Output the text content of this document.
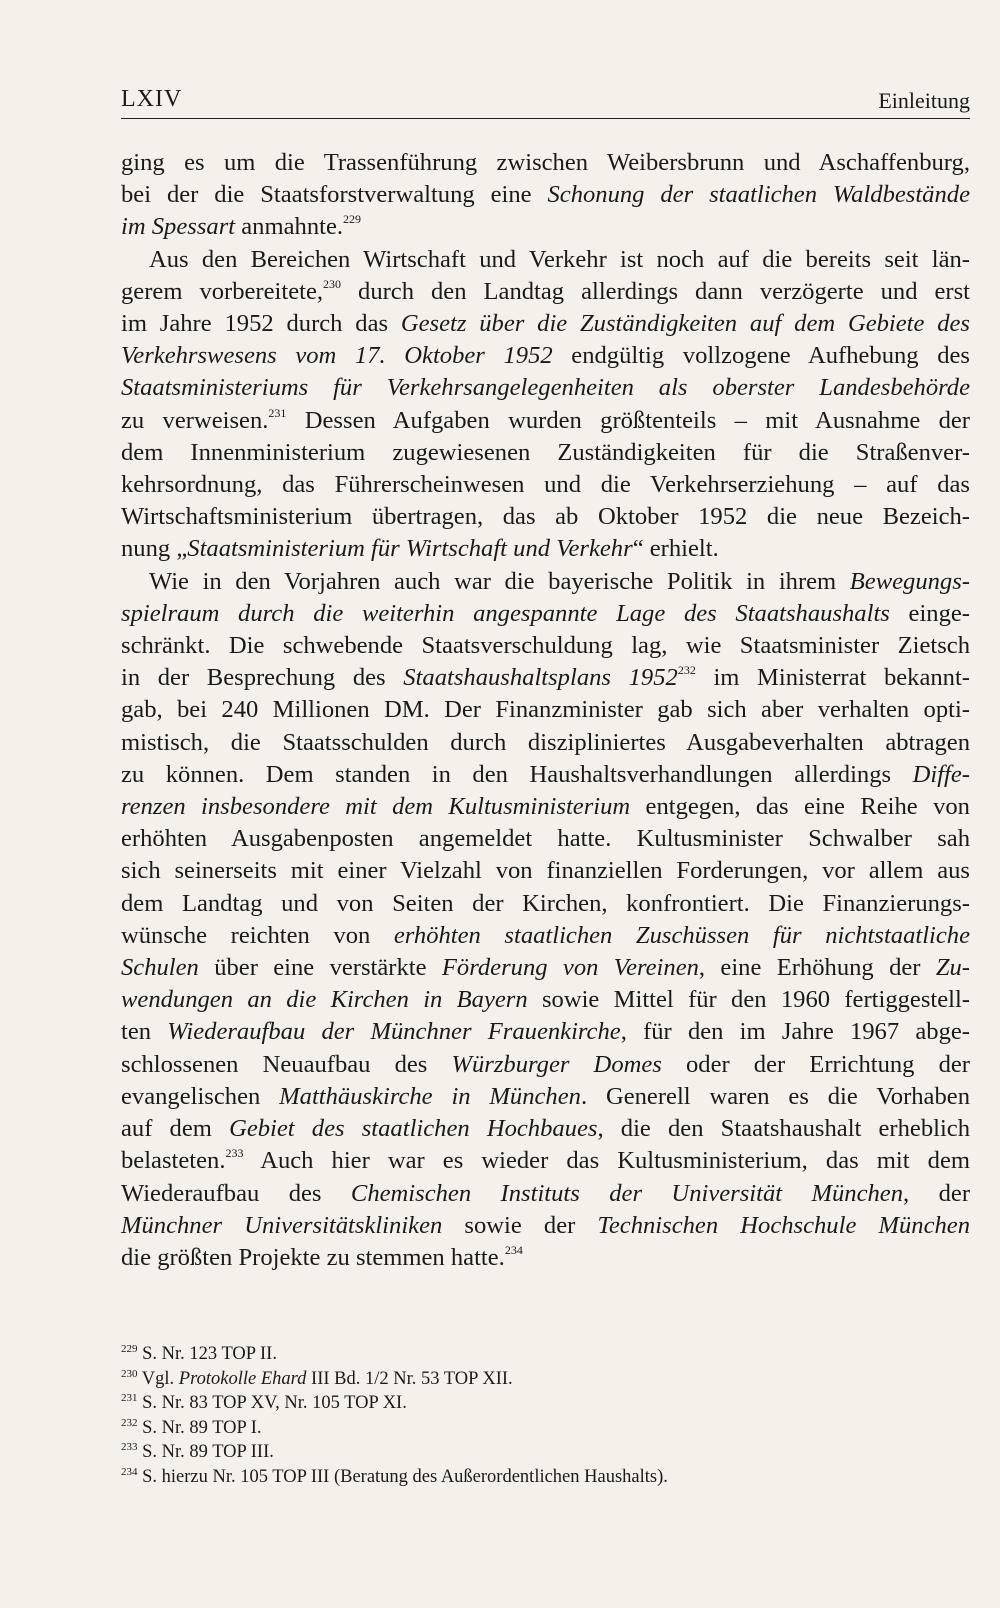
LXIV	Einleitung
ging es um die Trassenführung zwischen Weibersbrunn und Aschaffenburg,
bei der die Staatsforstverwaltung eine Schonung der staatlichen Waldbestände
im Spessart anmahnte.$^{229}$
Aus den Bereichen Wirtschaft und Verkehr ist noch auf die bereits seit län-
gerem vorbereitete,$^{230}$ durch den Landtag allerdings dann verzögerte und erst
im Jahre 1952 durch das Gesetz über die Zuständigkeiten auf dem Gebiete des
Verkehrswesens vom 17. Oktober 1952 endgültig vollzogene Aufhebung des
Staatsministeriums für Verkehrsangelegenheiten als oberster Landesbehörde
zu verweisen.$^{231}$ Dessen Aufgaben wurden größtenteils – mit Ausnahme der
dem Innenministerium zugewiesenen Zuständigkeiten für die Straßenver-
kehrsordnung, das Führerscheinwesen und die Verkehrserziehung – auf das
Wirtschaftsministerium übertragen, das ab Oktober 1952 die neue Bezeich-
nung „Staatsministerium für Wirtschaft und Verkehr“ erhielt.
Wie in den Vorjahren auch war die bayerische Politik in ihrem Bewegungs-
spielraum durch die weiterhin angespannte Lage des Staatshaushalts einge-
schränkt. Die schwebende Staatsverschuldung lag, wie Staatsminister Zietsch
in der Besprechung des Staatshaushaltsplans 1952$^{232}$ im Ministerrat bekannt-
gab, bei 240 Millionen DM. Der Finanzminister gab sich aber verhalten opti-
mistisch, die Staatsschulden durch diszipliniertes Ausgabeverhalten abtragen
zu können. Dem standen in den Haushaltsverhandlungen allerdings Diffe-
renzen insbesondere mit dem Kultusministerium entgegen, das eine Reihe von
erhöhten Ausgabenposten angemeldet hatte. Kultusminister Schwalber sah
sich seinerseits mit einer Vielzahl von finanziellen Forderungen, vor allem aus
dem Landtag und von Seiten der Kirchen, konfrontiert. Die Finanzierungs-
wünsche reichten von erhöhten staatlichen Zuschüssen für nichtstaatliche
Schulen über eine verstärkte Förderung von Vereinen, eine Erhöhung der Zu-
wendungen an die Kirchen in Bayern sowie Mittel für den 1960 fertiggestell-
ten Wiederaufbau der Münchner Frauenkirche, für den im Jahre 1967 abge-
schlossenen Neuaufbau des Würzburger Domes oder der Errichtung der
evangelischen Matthäuskirche in München. Generell waren es die Vorhaben
auf dem Gebiet des staatlichen Hochbaues, die den Staatshaushalt erheblich
belasteten.$^{233}$ Auch hier war es wieder das Kultusministerium, das mit dem
Wiederaufbau des Chemischen Instituts der Universität München, der
Münchner Universitätskliniken sowie der Technischen Hochschule München
die größten Projekte zu stemmen hatte.$^{234}$
$^{229}$ S. Nr. 123 TOP II.
$^{230}$ Vgl. Protokolle Ehard III Bd. 1/2 Nr. 53 TOP XII.
$^{231}$ S. Nr. 83 TOP XV, Nr. 105 TOP XI.
$^{232}$ S. Nr. 89 TOP I.
$^{233}$ S. Nr. 89 TOP III.
$^{234}$ S. hierzu Nr. 105 TOP III (Beratung des Außerordentlichen Haushalts).
